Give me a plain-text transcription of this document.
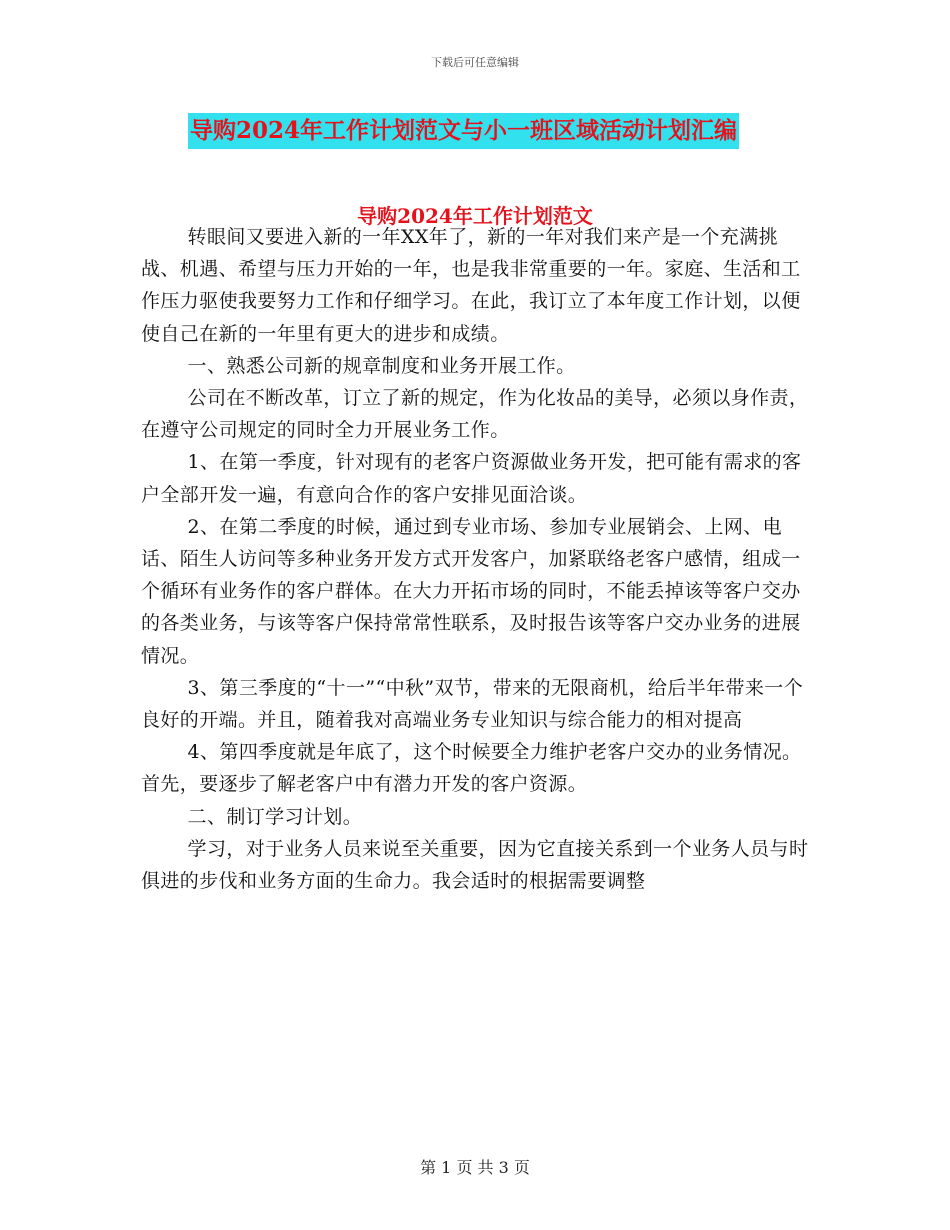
下载后可任意编辑
导购2024年工作计划范文与小一班区域活动计划汇编
导购2024年工作计划范文

转眼间又要进入新的一年XX年了，新的一年对我们来产是一个充满挑战、机遇、希望与压力开始的一年，也是我非常重要的一年。家庭、生活和工作压力驱使我要努力工作和仔细学习。在此，我订立了本年度工作计划，以便使自己在新的一年里有更大的进步和成绩。

一、熟悉公司新的规章制度和业务开展工作。

公司在不断改革，订立了新的规定，作为化妆品的美导，必须以身作责，在遵守公司规定的同时全力开展业务工作。

1、在第一季度，针对现有的老客户资源做业务开发，把可能有需求的客户全部开发一遍，有意向合作的客户安排见面洽谈。

2、在第二季度的时候，通过到专业市场、参加专业展销会、上网、电话、陌生人访问等多种业务开发方式开发客户，加紧联络老客户感情，组成一个循环有业务作的客户群体。在大力开拓市场的同时，不能丢掉该等客户交办的各类业务，与该等客户保持常常性联系，及时报告该等客户交办业务的进展情况。

3、第三季度的“十一”“中秋”双节，带来的无限商机，给后半年带来一个良好的开端。并且，随着我对高端业务专业知识与综合能力的相对提高

4、第四季度就是年底了，这个时候要全力维护老客户交办的业务情况。首先，要逐步了解老客户中有潜力开发的客户资源。

二、制订学习计划。

学习，对于业务人员来说至关重要，因为它直接关系到一个业务人员与时俱进的步伐和业务方面的生命力。我会适时的根据需要调整

第 1 页 共 3 页
